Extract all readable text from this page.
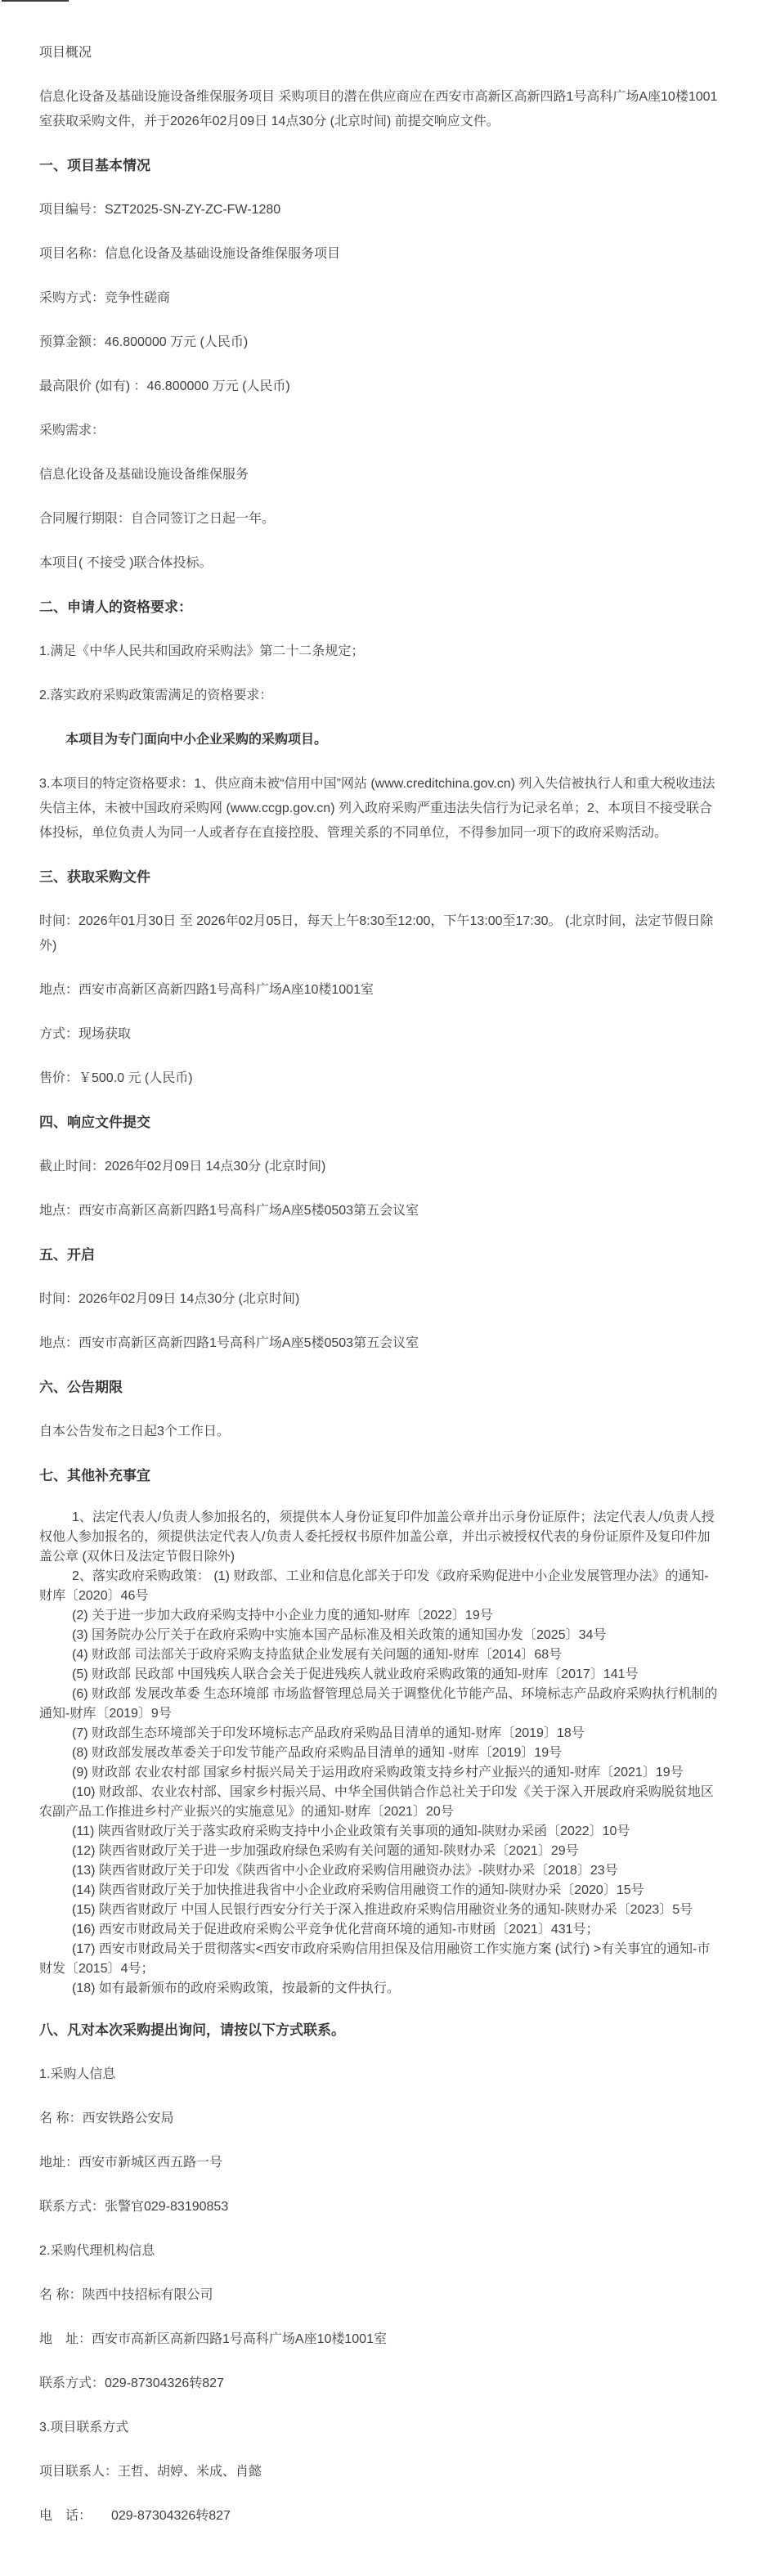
项目概况

信息化设备及基础设施设备维保服务项目 采购项目的潜在供应商应在西安市高新区高新四路1号高科广场A座10楼1001室获取采购文件，并于2026年02月09日 14点30分 (北京时间) 前提交响应文件。

一、项目基本情况

项目编号：SZT2025-SN-ZY-ZC-FW-1280

项目名称：信息化设备及基础设施设备维保服务项目

采购方式：竞争性磋商

预算金额：46.800000 万元 (人民币)

最高限价 (如有) ：46.800000 万元 (人民币)

采购需求：

信息化设备及基础设施设备维保服务

合同履行期限：自合同签订之日起一年。

本项目( 不接受 )联合体投标。

二、申请人的资格要求：

1.满足《中华人民共和国政府采购法》第二十二条规定；

2.落实政府采购政策需满足的资格要求：

本项目为专门面向中小企业采购的采购项目。

3.本项目的特定资格要求：1、供应商未被“信用中国”网站 (www.creditchina.gov.cn) 列入失信被执行人和重大税收违法失信主体，未被中国政府采购网 (www.ccgp.gov.cn) 列入政府采购严重违法失信行为记录名单；2、本项目不接受联合体投标，单位负责人为同一人或者存在直接控股、管理关系的不同单位，不得参加同一项下的政府采购活动。

三、获取采购文件

时间：2026年01月30日 至 2026年02月05日，每天上午8:30至12:00，下午13:00至17:30。 (北京时间，法定节假日除外)

地点：西安市高新区高新四路1号高科广场A座10楼1001室

方式：现场获取

售价：￥500.0 元 (人民币)

四、响应文件提交

截止时间：2026年02月09日 14点30分 (北京时间)

地点：西安市高新区高新四路1号高科广场A座5楼0503第五会议室

五、开启

时间：2026年02月09日 14点30分 (北京时间)

地点：西安市高新区高新四路1号高科广场A座5楼0503第五会议室

六、公告期限

自本公告发布之日起3个工作日。

七、其他补充事宜

1、法定代表人/负责人参加报名的，须提供本人身份证复印件加盖公章并出示身份证原件；法定代表人/负责人授权他人参加报名的，须提供法定代表人/负责人委托授权书原件加盖公章，并出示被授权代表的身份证原件及复印件加盖公章 (双休日及法定节假日除外)

2、落实政府采购政策： (1) 财政部、工业和信息化部关于印发《政府采购促进中小企业发展管理办法》的通知-财库〔2020〕46号

(2) 关于进一步加大政府采购支持中小企业力度的通知-财库〔2022〕19号

(3) 国务院办公厅关于在政府采购中实施本国产品标准及相关政策的通知国办发〔2025〕34号

(4) 财政部 司法部关于政府采购支持监狱企业发展有关问题的通知-财库〔2014〕68号

(5) 财政部 民政部 中国残疾人联合会关于促进残疾人就业政府采购政策的通知-财库〔2017〕141号

(6) 财政部 发展改革委 生态环境部 市场监督管理总局关于调整优化节能产品、环境标志产品政府采购执行机制的通知-财库〔2019〕9号

(7) 财政部生态环境部关于印发环境标志产品政府采购品目清单的通知-财库〔2019〕18号

(8) 财政部发展改革委关于印发节能产品政府采购品目清单的通知 -财库〔2019〕19号

(9) 财政部 农业农村部 国家乡村振兴局关于运用政府采购政策支持乡村产业振兴的通知-财库〔2021〕19号

(10) 财政部、农业农村部、国家乡村振兴局、中华全国供销合作总社关于印发《关于深入开展政府采购脱贫地区农副产品工作推进乡村产业振兴的实施意见》的通知-财库〔2021〕20号

(11) 陕西省财政厅关于落实政府采购支持中小企业政策有关事项的通知-陕财办采函〔2022〕10号

(12) 陕西省财政厅关于进一步加强政府绿色采购有关问题的通知-陕财办采〔2021〕29号

(13) 陕西省财政厅关于印发《陕西省中小企业政府采购信用融资办法》-陕财办采〔2018〕23号

(14) 陕西省财政厅关于加快推进我省中小企业政府采购信用融资工作的通知-陕财办采〔2020〕15号

(15) 陕西省财政厅 中国人民银行西安分行关于深入推进政府采购信用融资业务的通知-陕财办采〔2023〕5号

(16) 西安市财政局关于促进政府采购公平竞争优化营商环境的通知-市财函〔2021〕431号；

(17) 西安市财政局关于贯彻落实<西安市政府采购信用担保及信用融资工作实施方案 (试行) >有关事宜的通知-市财发〔2015〕4号；

(18) 如有最新颁布的政府采购政策，按最新的文件执行。

八、凡对本次采购提出询问，请按以下方式联系。

1.采购人信息

名 称：西安铁路公安局

地址：西安市新城区西五路一号

联系方式：张警官029-83190853

2.采购代理机构信息

名 称：陕西中技招标有限公司

地　址：西安市高新区高新四路1号高科广场A座10楼1001室

联系方式：029-87304326转827

3.项目联系方式

项目联系人：王哲、胡婷、米成、肖懿

电　话：　　029-87304326转827
